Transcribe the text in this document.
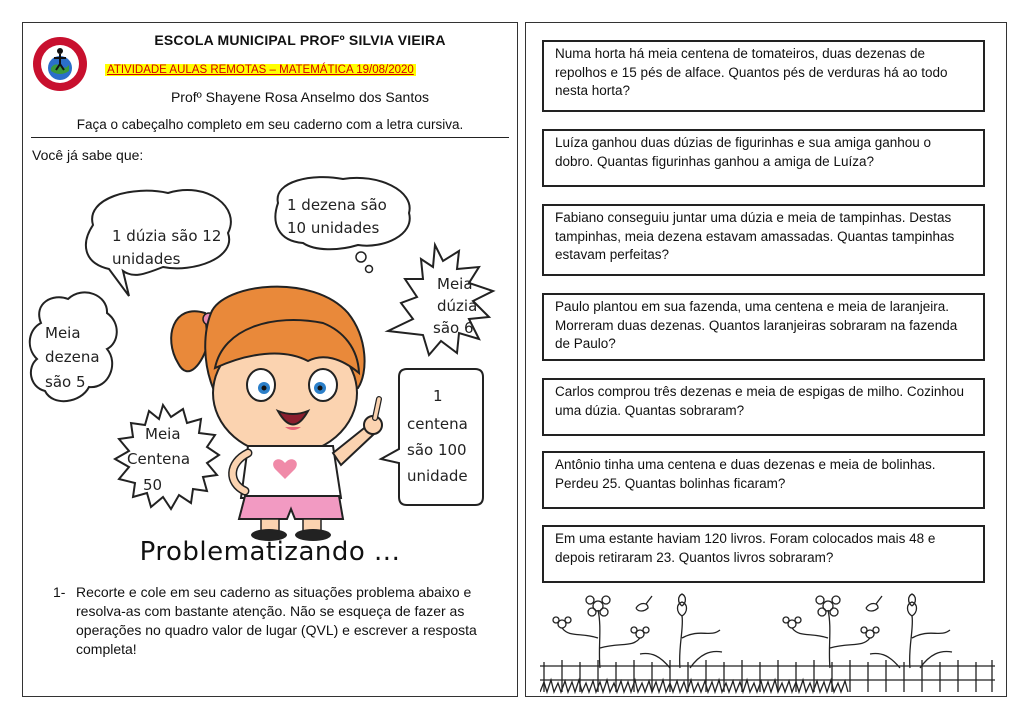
ESCOLA MUNICIPAL PROFº SILVIA VIEIRA
ATIVIDADE AULAS REMOTAS – MATEMÁTICA 19/08/2020
Profº Shayene Rosa Anselmo dos Santos
Faça o cabeçalho completo em seu caderno com a letra cursiva.
Você já sabe que:
1 dúzia são 12
unidades
1 dezena são
10 unidades
Meia
dúzia
são 6
Meia
dezena
são 5
Meia
Centena
50
1
centena
são 100
unidade
Problematizando ...
1- Recorte e cole em seu caderno as situações problema abaixo e resolva-as com bastante atenção. Não se esqueça de fazer as operações no quadro valor de lugar (QVL) e escrever a resposta completa!
Numa horta há meia centena de tomateiros, duas dezenas de repolhos e 15 pés de alface. Quantos pés de verduras há ao todo nesta horta?
Luíza ganhou duas dúzias de figurinhas e sua amiga ganhou o dobro. Quantas figurinhas ganhou a amiga de Luíza?
Fabiano conseguiu juntar uma dúzia e meia de tampinhas. Destas tampinhas, meia dezena estavam amassadas. Quantas tampinhas estavam perfeitas?
Paulo plantou em sua fazenda, uma centena e meia de laranjeira. Morreram duas dezenas. Quantos laranjeiras sobraram na fazenda de Paulo?
Carlos comprou três dezenas e meia de espigas de milho. Cozinhou uma dúzia. Quantas sobraram?
Antônio tinha uma centena e duas dezenas e meia de bolinhas. Perdeu 25. Quantas bolinhas ficaram?
Em uma estante haviam 120 livros. Foram colocados mais 48 e depois retiraram 23. Quantos livros sobraram?
